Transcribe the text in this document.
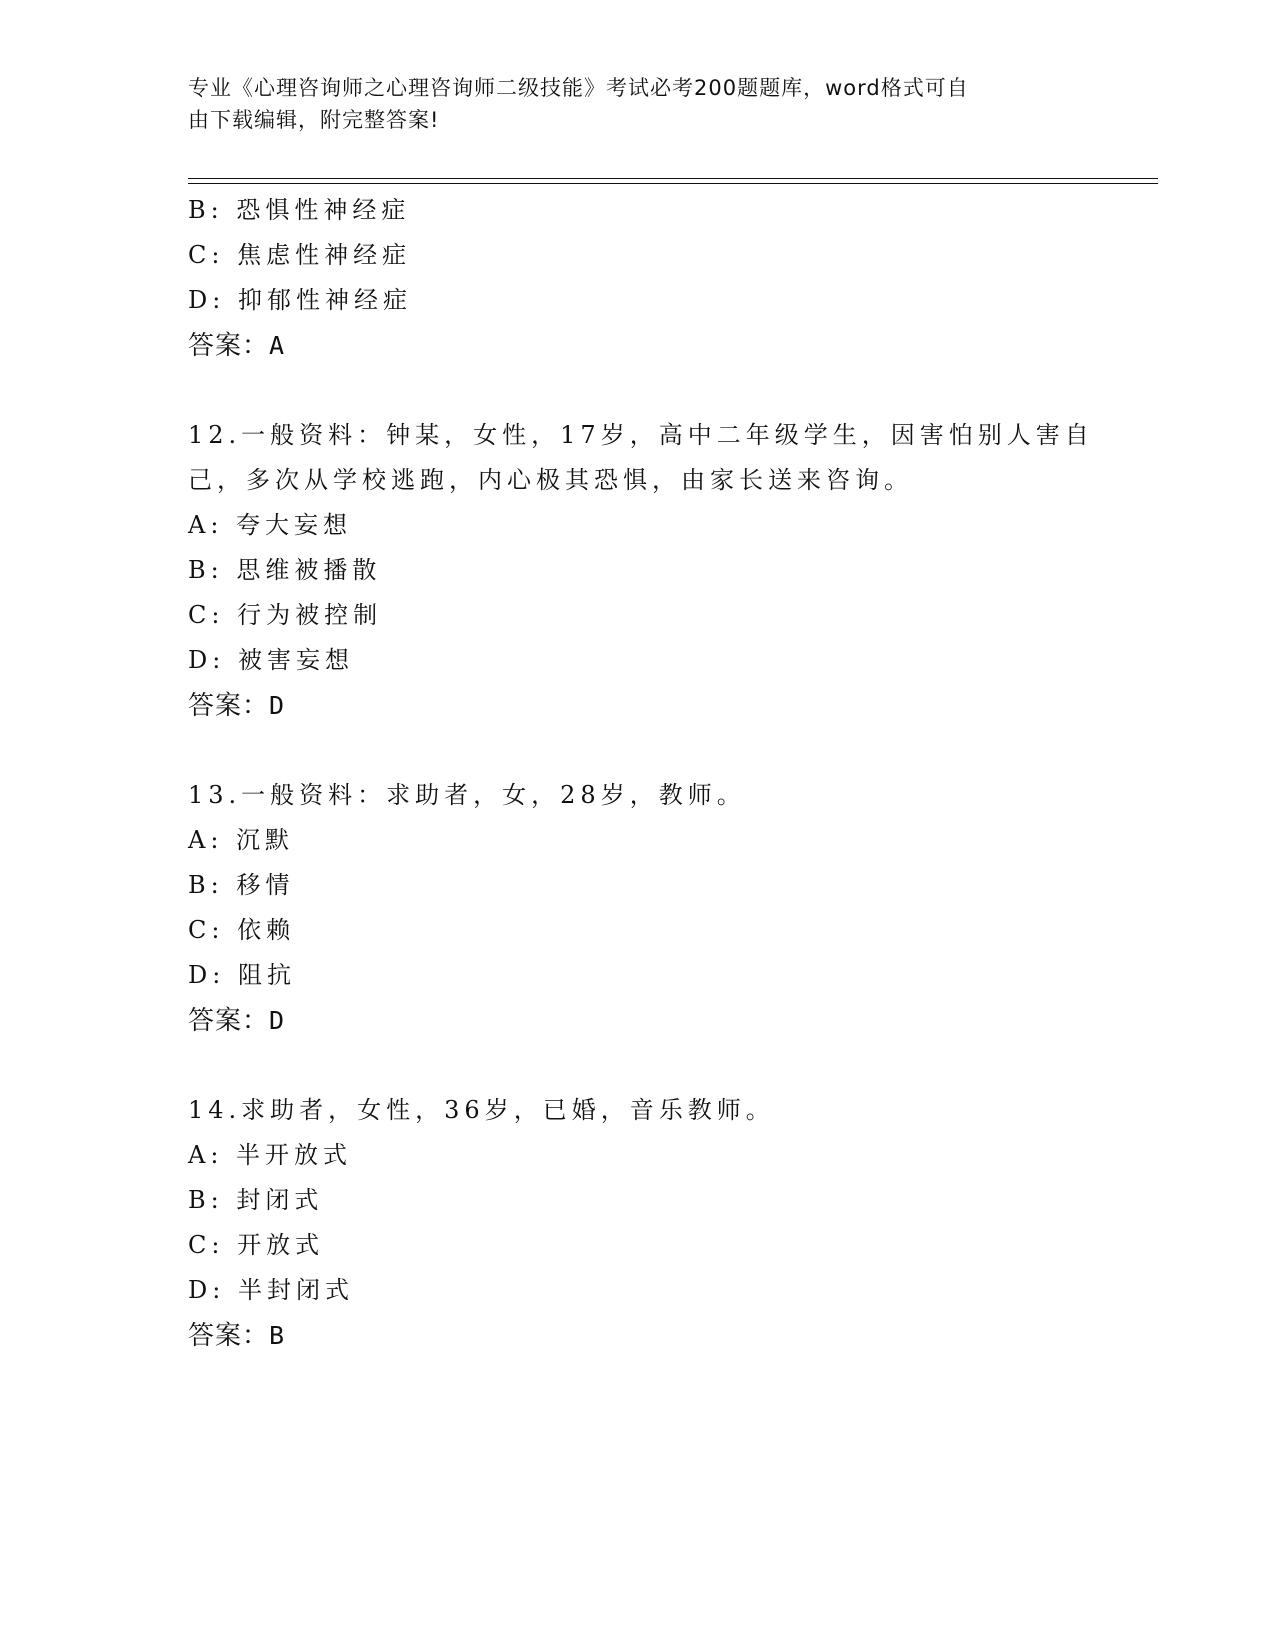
专业《心理咨询师之心理咨询师二级技能》考试必考200题题库，word格式可自
由下载编辑，附完整答案!
B: 恐惧性神经症
C: 焦虑性神经症
D: 抑郁性神经症
答案：A
12.一般资料：钟某，女性，17岁，高中二年级学生，因害怕别人害自
己，多次从学校逃跑，内心极其恐惧，由家长送来咨询。
A: 夸大妄想
B: 思维被播散
C: 行为被控制
D: 被害妄想
答案：D
13.一般资料：求助者，女，28岁，教师。
A: 沉默
B: 移情
C: 依赖
D: 阻抗
答案：D
14.求助者，女性，36岁，已婚，音乐教师。
A: 半开放式
B: 封闭式
C: 开放式
D: 半封闭式
答案：B
